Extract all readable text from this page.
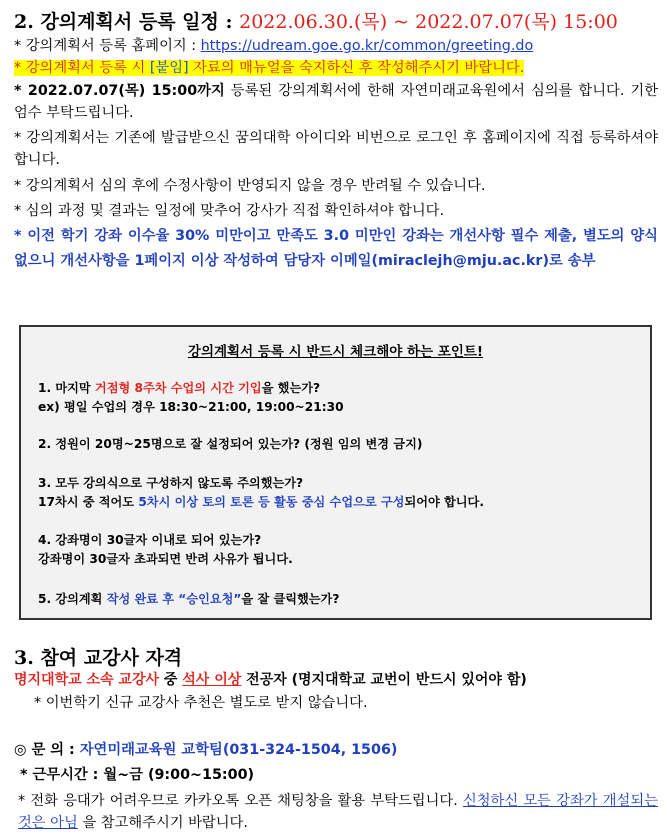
2. 강의계획서 등록 일정 : 2022.06.30.(목) ~ 2022.07.07(목) 15:00
* 강의계획서 등록 홈페이지 : https://udream.goe.go.kr/common/greeting.do
* 강의계획서 등록 시 [붙임] 자료의 매뉴얼을 숙지하신 후 작성해주시기 바랍니다.
* 2022.07.07(목) 15:00까지 등록된 강의계획서에 한해 자연미래교육원에서 심의를 합니다. 기한 엄수 부탁드립니다.
* 강의계획서는 기존에 발급받으신 꿈의대학 아이디와 비번으로 로그인 후 홈페이지에 직접 등록하셔야 합니다.
* 강의계획서 심의 후에 수정사항이 반영되지 않을 경우 반려될 수 있습니다.
* 심의 과정 및 결과는 일정에 맞추어 강사가 직접 확인하셔야 합니다.
* 이전 학기 강좌 이수율 30% 미만이고 만족도 3.0 미만인 강좌는 개선사항 필수 제출, 별도의 양식 없으니 개선사항을 1페이지 이상 작성하여 담당자 이메일(miraclejh@mju.ac.kr)로 송부
강의계획서 등록 시 반드시 체크해야 하는 포인트!
1. 마지막 거점형 8주차 수업의 시간 기입을 했는가?
ex) 평일 수업의 경우 18:30~21:00, 19:00~21:30
2. 정원이 20명~25명으로 잘 설정되어 있는가? (정원 임의 변경 금지)
3. 모두 강의식으로 구성하지 않도록 주의했는가?
17차시 중 적어도 5차시 이상 토의 토론 등 활동 중심 수업으로 구성되어야 합니다.
4. 강좌명이 30글자 이내로 되어 있는가?
강좌명이 30글자 초과되면 반려 사유가 됩니다.
5. 강의계획 작성 완료 후 “승인요청”을 잘 클릭했는가?
3. 참여 교강사 자격
명지대학교 소속 교강사 중 석사 이상 전공자 (명지대학교 교번이 반드시 있어야 함)
* 이번학기 신규 교강사 추천은 별도로 받지 않습니다.
◎ 문 의 : 자연미래교육원 교학팀(031-324-1504, 1506)
* 근무시간 : 월~금 (9:00~15:00)
* 전화 응대가 어려우므로 카카오톡 오픈 채팅창을 활용 부탁드립니다. 신청하신 모든 강좌가 개설되는 것은 아님 을 참고해주시기 바랍니다.
